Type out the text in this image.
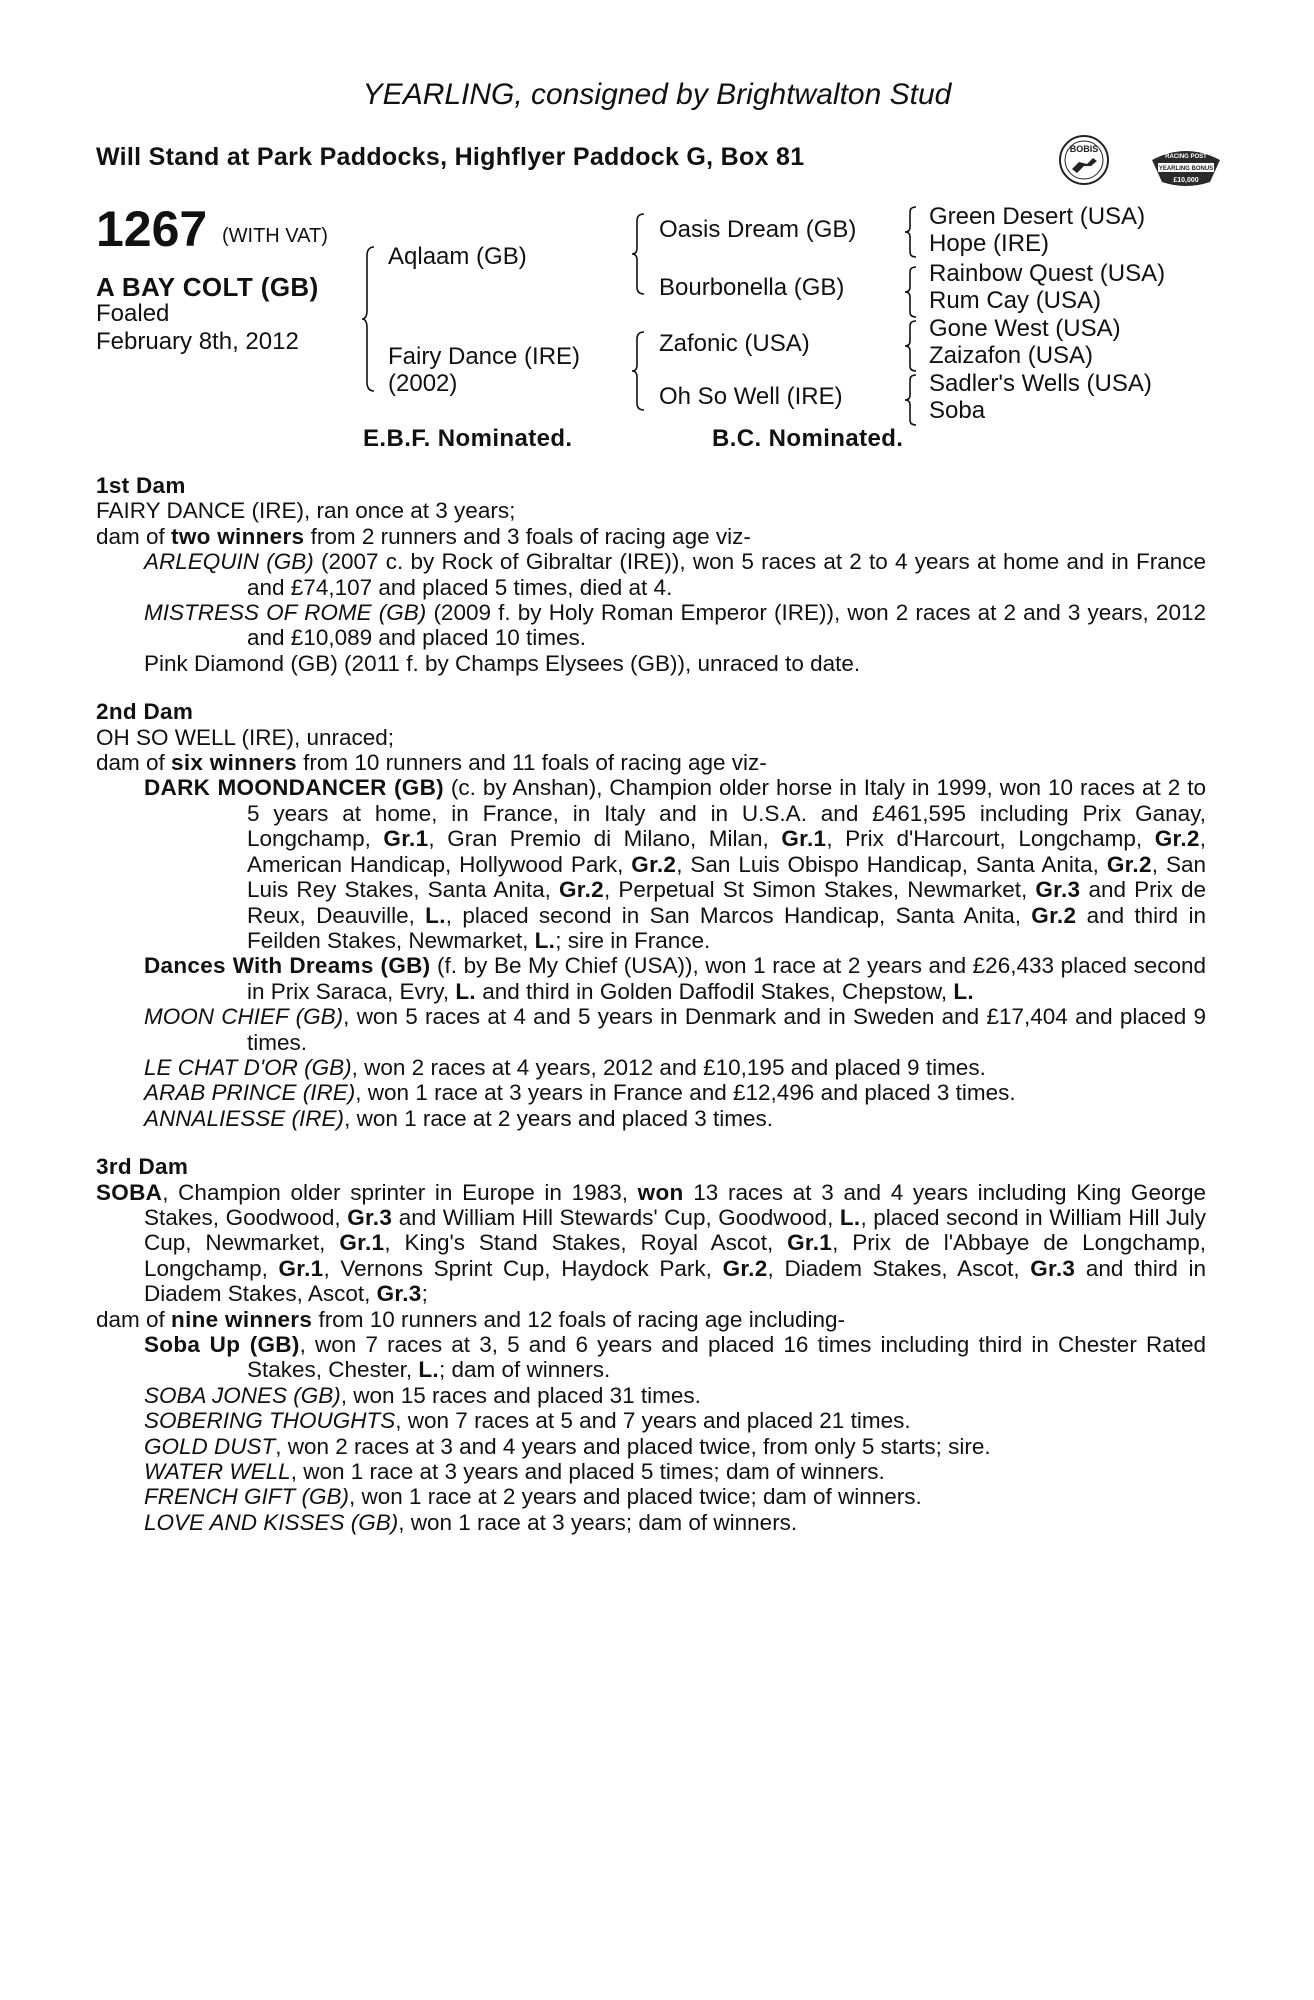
YEARLING, consigned by Brightwalton Stud
Will Stand at Park Paddocks, Highflyer Paddock G, Box 81	BOBIS
RACING POST
YEARLING BONUS
£10,000
1267 (WITH VAT)
A BAY COLT (GB)
Foaled
February 8th, 2012
Aqlaam (GB)
Fairy Dance (IRE)
(2002)
Oasis Dream (GB)
Bourbonella (GB)
Zafonic (USA)
Oh So Well (IRE)
Green Desert (USA)
Hope (IRE)
Rainbow Quest (USA)
Rum Cay (USA)
Gone West (USA)
Zaizafon (USA)
Sadler's Wells (USA)
Soba
E.B.F. Nominated.	B.C. Nominated.
1st Dam
FAIRY DANCE (IRE), ran once at 3 years;
dam of two winners from 2 runners and 3 foals of racing age viz-
ARLEQUIN (GB) (2007 c. by Rock of Gibraltar (IRE)), won 5 races at 2 to 4 years at home and in France and £74,107 and placed 5 times, died at 4.
MISTRESS OF ROME (GB) (2009 f. by Holy Roman Emperor (IRE)), won 2 races at 2 and 3 years, 2012 and £10,089 and placed 10 times.
Pink Diamond (GB) (2011 f. by Champs Elysees (GB)), unraced to date.
2nd Dam
OH SO WELL (IRE), unraced;
dam of six winners from 10 runners and 11 foals of racing age viz-
DARK MOONDANCER (GB) (c. by Anshan), Champion older horse in Italy in 1999, won 10 races at 2 to 5 years at home, in France, in Italy and in U.S.A. and £461,595 including Prix Ganay, Longchamp, Gr.1, Gran Premio di Milano, Milan, Gr.1, Prix d'Harcourt, Longchamp, Gr.2, American Handicap, Hollywood Park, Gr.2, San Luis Obispo Handicap, Santa Anita, Gr.2, San Luis Rey Stakes, Santa Anita, Gr.2, Perpetual St Simon Stakes, Newmarket, Gr.3 and Prix de Reux, Deauville, L., placed second in San Marcos Handicap, Santa Anita, Gr.2 and third in Feilden Stakes, Newmarket, L.; sire in France.
Dances With Dreams (GB) (f. by Be My Chief (USA)), won 1 race at 2 years and £26,433 placed second in Prix Saraca, Evry, L. and third in Golden Daffodil Stakes, Chepstow, L.
MOON CHIEF (GB), won 5 races at 4 and 5 years in Denmark and in Sweden and £17,404 and placed 9 times.
LE CHAT D'OR (GB), won 2 races at 4 years, 2012 and £10,195 and placed 9 times.
ARAB PRINCE (IRE), won 1 race at 3 years in France and £12,496 and placed 3 times.
ANNALIESSE (IRE), won 1 race at 2 years and placed 3 times.
3rd Dam
SOBA, Champion older sprinter in Europe in 1983, won 13 races at 3 and 4 years including King George Stakes, Goodwood, Gr.3 and William Hill Stewards' Cup, Goodwood, L., placed second in William Hill July Cup, Newmarket, Gr.1, King's Stand Stakes, Royal Ascot, Gr.1, Prix de l'Abbaye de Longchamp, Longchamp, Gr.1, Vernons Sprint Cup, Haydock Park, Gr.2, Diadem Stakes, Ascot, Gr.3 and third in Diadem Stakes, Ascot, Gr.3;
dam of nine winners from 10 runners and 12 foals of racing age including-
Soba Up (GB), won 7 races at 3, 5 and 6 years and placed 16 times including third in Chester Rated Stakes, Chester, L.; dam of winners.
SOBA JONES (GB), won 15 races and placed 31 times.
SOBERING THOUGHTS, won 7 races at 5 and 7 years and placed 21 times.
GOLD DUST, won 2 races at 3 and 4 years and placed twice, from only 5 starts; sire.
WATER WELL, won 1 race at 3 years and placed 5 times; dam of winners.
FRENCH GIFT (GB), won 1 race at 2 years and placed twice; dam of winners.
LOVE AND KISSES (GB), won 1 race at 3 years; dam of winners.
